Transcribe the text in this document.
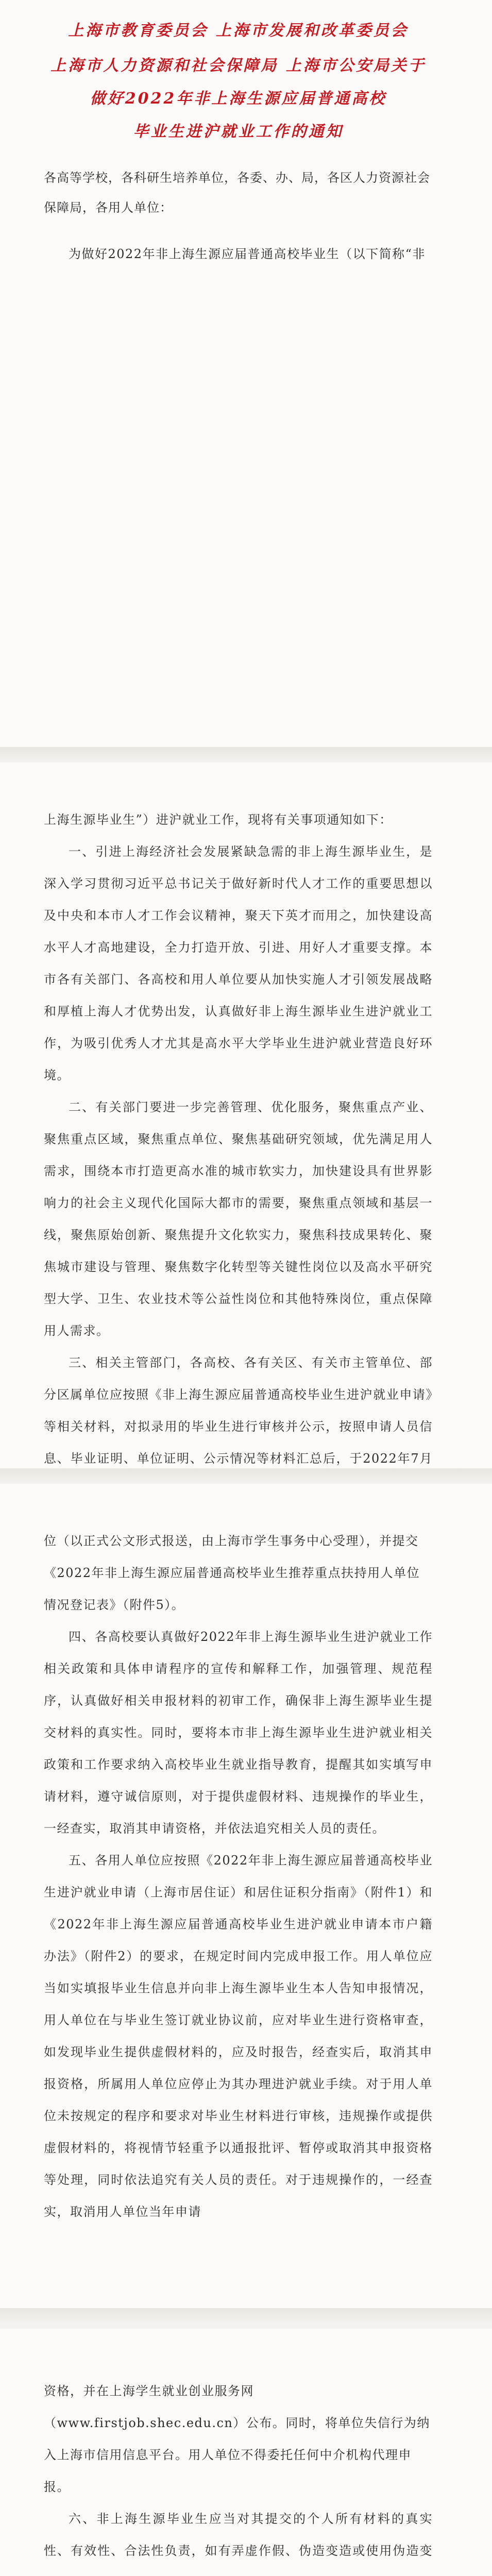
上海市教育委员会 上海市发展和改革委员会

上海市人力资源和社会保障局 上海市公安局关于

做好2022年非上海生源应届普通高校

毕业生进沪就业工作的通知

各高等学校，各科研生培养单位，各委、办、局，各区人力资源社会保障局，各用人单位：

为做好2022年非上海生源应届普通高校毕业生（以下简称“非

上海生源毕业生”）进沪就业工作，现将有关事项通知如下：

一、引进上海经济社会发展紧缺急需的非上海生源毕业生，是深入学习贯彻习近平总书记关于做好新时代人才工作的重要思想以及中央和本市人才工作会议精神，聚天下英才而用之，加快建设高水平人才高地建设，全力打造开放、引进、用好人才重要支撑。本市各有关部门、各高校和用人单位要从加快实施人才引领发展战略和厚植上海人才优势出发，认真做好非上海生源毕业生进沪就业工作，为吸引优秀人才尤其是高水平大学毕业生进沪就业营造良好环境。

二、有关部门要进一步完善管理、优化服务，聚焦重点产业、聚焦重点区域，聚焦重点单位、聚焦基础研究领域，优先满足用人需求，围绕本市打造更高水准的城市软实力，加快建设具有世界影响力的社会主义现代化国际大都市的需要，聚焦重点领域和基层一线，聚焦原始创新、聚焦提升文化软实力，聚焦科技成果转化、聚焦城市建设与管理、聚焦数字化转型等关键性岗位以及高水平研究型大学、卫生、农业技术等公益性岗位和其他特殊岗位，重点保障用人需求。

三、相关主管部门，各高校、各有关区、有关市主管单位、部分区属单位应按照《非上海生源应届普通高校毕业生进沪就业申请》等相关材料，对拟录用的毕业生进行审核并公示，按照申请人员信息、毕业证明、单位证明、公示情况等材料汇总后，于2022年7月

位（以正式公文形式报送，由上海市学生事务中心受理），并提交《2022年非上海生源应届普通高校毕业生推荐重点扶持用人单位情况登记表》（附件5）。

四、各高校要认真做好2022年非上海生源毕业生进沪就业工作相关政策和具体申请程序的宣传和解释工作，加强管理、规范程序，认真做好相关申报材料的初审工作，确保非上海生源毕业生提交材料的真实性。同时，要将本市非上海生源毕业生进沪就业相关政策和工作要求纳入高校毕业生就业指导教育，提醒其如实填写申请材料，遵守诚信原则，对于提供虚假材料、违规操作的毕业生，一经查实，取消其申请资格，并依法追究相关人员的责任。

五、各用人单位应按照《2022年非上海生源应届普通高校毕业生进沪就业申请（上海市居住证）和居住证积分指南》（附件1）和《2022年非上海生源应届普通高校毕业生进沪就业申请本市户籍办法》（附件2）的要求，在规定时间内完成申报工作。用人单位应当如实填报毕业生信息并向非上海生源毕业生本人告知申报情况，用人单位在与毕业生签订就业协议前，应对毕业生进行资格审查，如发现毕业生提供虚假材料的，应及时报告，经查实后，取消其申报资格，所属用人单位应停止为其办理进沪就业手续。对于用人单位未按规定的程序和要求对毕业生材料进行审核，违规操作或提供虚假材料的，将视情节轻重予以通报批评、暂停或取消其申报资格等处理，同时依法追究有关人员的责任。对于违规操作的，一经查实，取消用人单位当年申请

资格，并在上海学生就业创业服务网（www.firstjob.shec.edu.cn）公布。同时，将单位失信行为纳入上海市信用信息平台。用人单位不得委托任何中介机构代理申报。

六、非上海生源毕业生应当对其提交的个人所有材料的真实性、有效性、合法性负责，如有弄虚作假、伪造变造或使用伪造变
